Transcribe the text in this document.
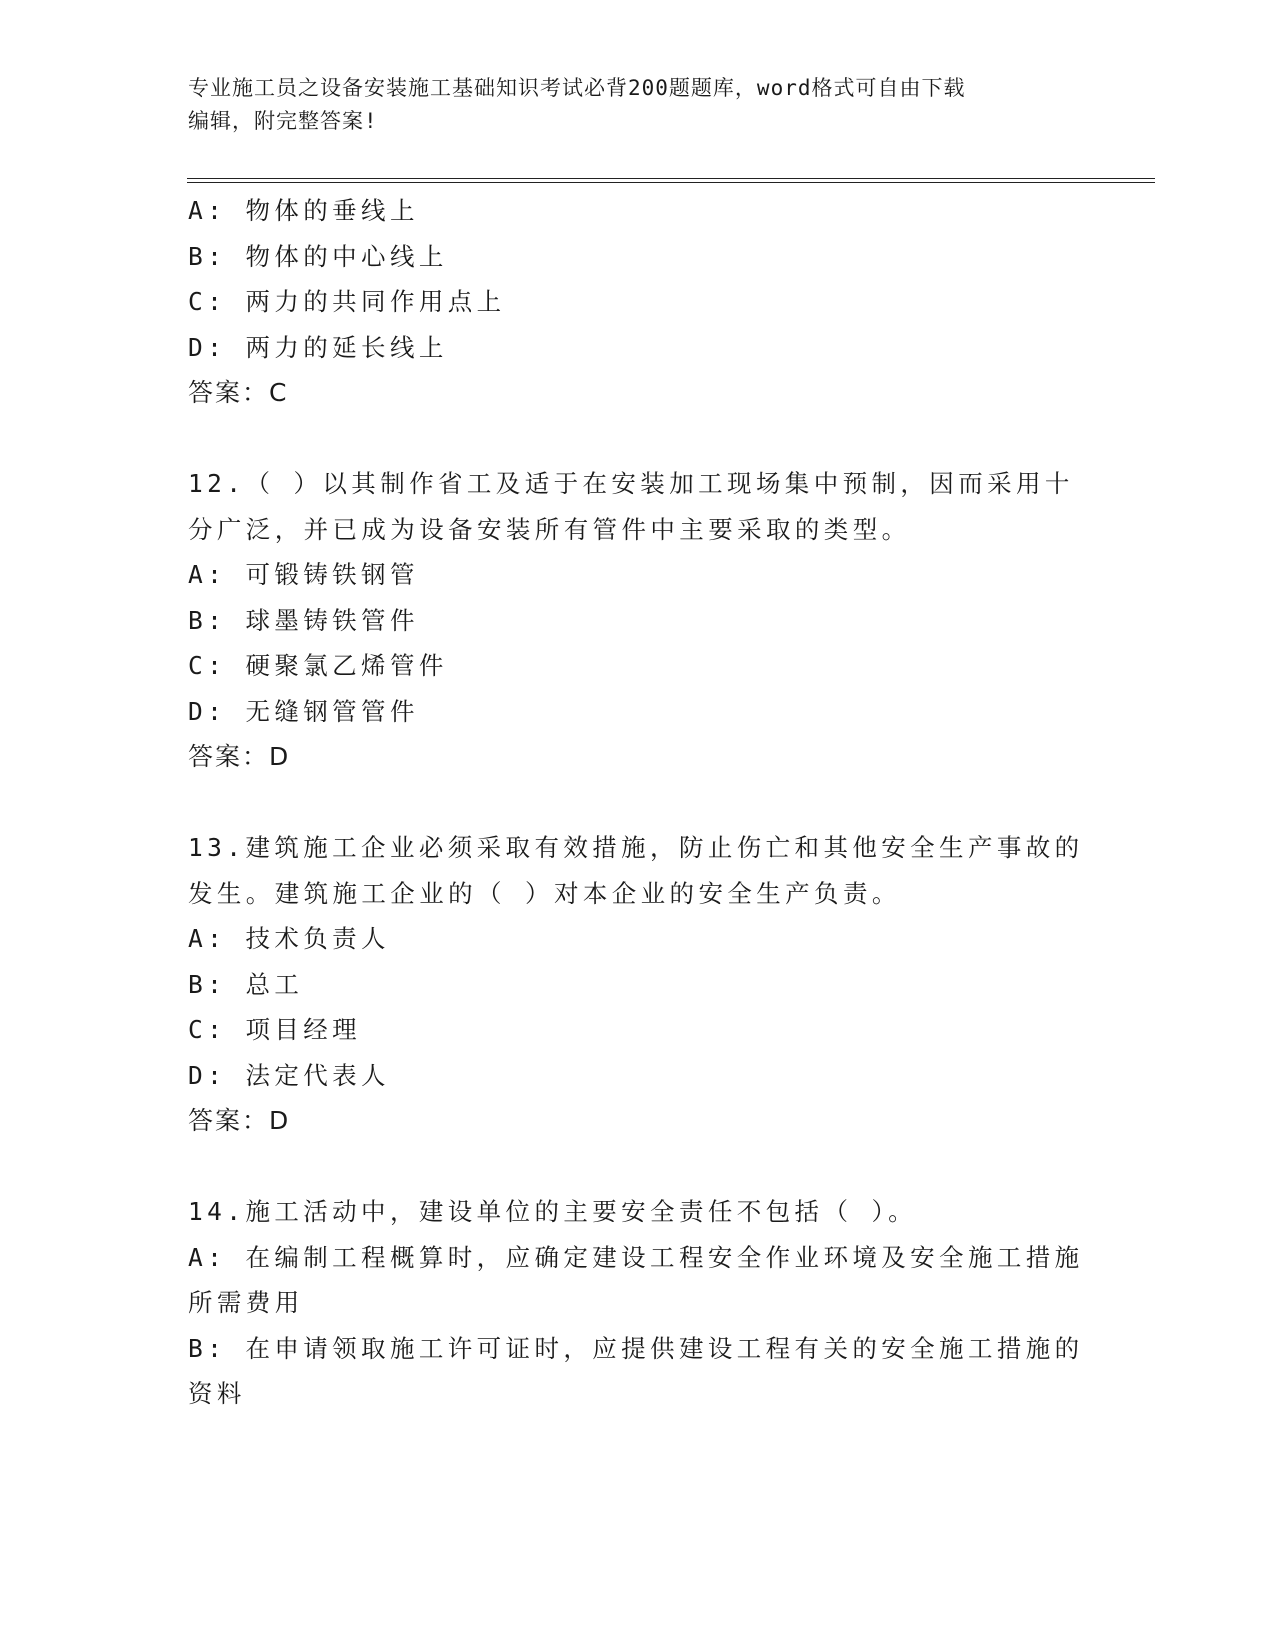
专业施工员之设备安装施工基础知识考试必背200题题库，word格式可自由下载
编辑，附完整答案!
A: 物体的垂线上
B: 物体的中心线上
C: 两力的共同作用点上
D: 两力的延长线上
答案：C
12.（ ）以其制作省工及适于在安装加工现场集中预制，因而采用十
分广泛，并已成为设备安装所有管件中主要采取的类型。
A: 可锻铸铁钢管
B: 球墨铸铁管件
C: 硬聚氯乙烯管件
D: 无缝钢管管件
答案：D
13.建筑施工企业必须采取有效措施，防止伤亡和其他安全生产事故的
发生。建筑施工企业的（ ）对本企业的安全生产负责。
A: 技术负责人
B: 总工
C: 项目经理
D: 法定代表人
答案：D
14.施工活动中，建设单位的主要安全责任不包括（ ）。
A: 在编制工程概算时，应确定建设工程安全作业环境及安全施工措施
所需费用
B: 在申请领取施工许可证时，应提供建设工程有关的安全施工措施的
资料
